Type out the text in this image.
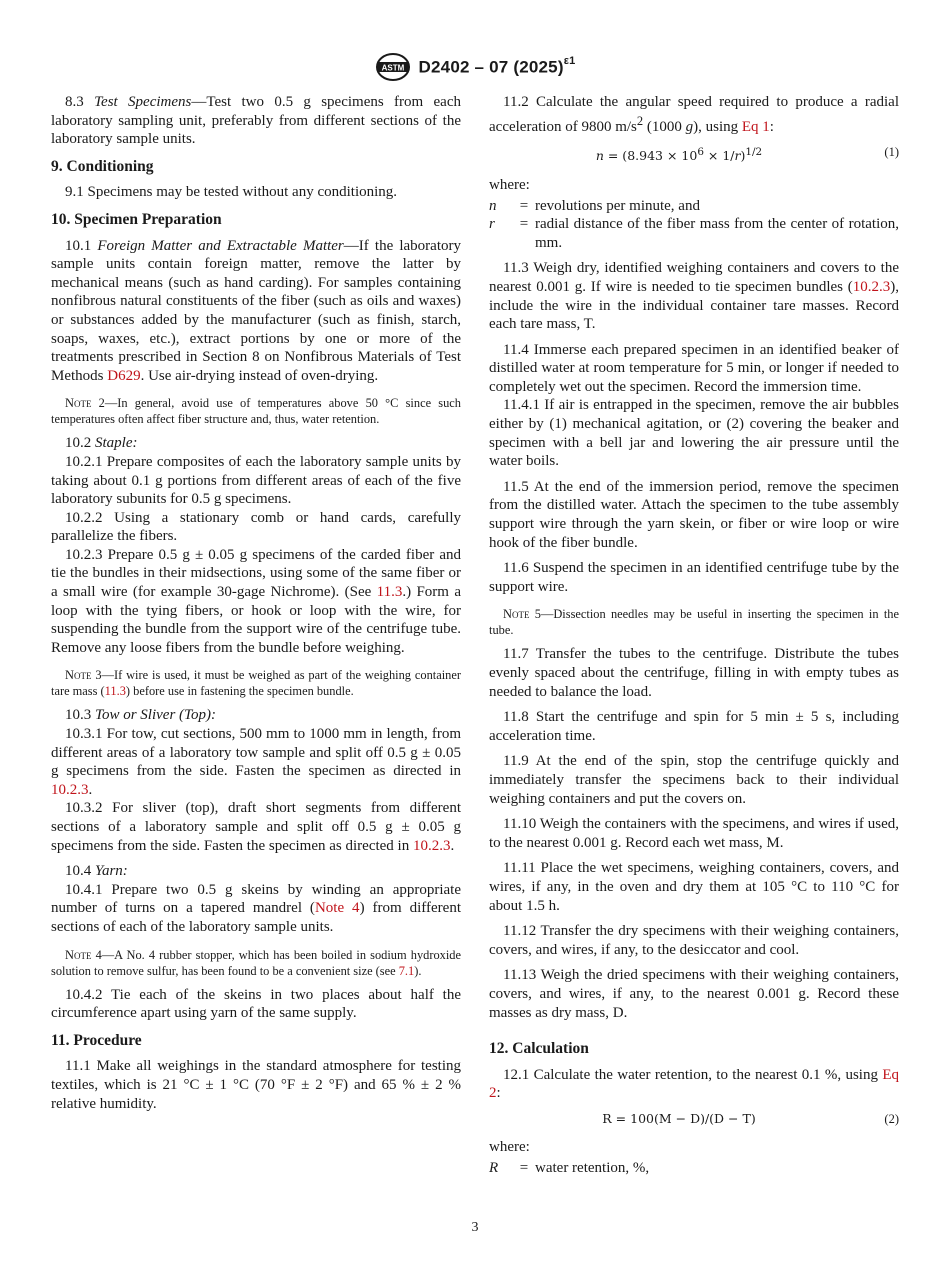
ASTM D2402 – 07 $(2025)^{\varepsilon 1}$

8.3 Test Specimens—Test two 0.5 g specimens from each laboratory sampling unit, preferably from different sections of the laboratory sample units.

9. Conditioning

9.1 Specimens may be tested without any conditioning.

10. Specimen Preparation

10.1 Foreign Matter and Extractable Matter—If the laboratory sample units contain foreign matter, remove the latter by mechanical means (such as hand carding). For samples containing nonfibrous natural constituents of the fiber (such as oils and waxes) or substances added by the manufacturer (such as finish, starch, soaps, waxes, etc.), extract portions by one or more of the treatments prescribed in Section 8 on Nonfibrous Materials of Test Methods D629. Use air-drying instead of oven-drying.

Note 2—In general, avoid use of temperatures above 50 °C since such temperatures often affect fiber structure and, thus, water retention.

10.2 Staple:

10.2.1 Prepare composites of each the laboratory sample units by taking about 0.1 g portions from different areas of each of the five laboratory subunits for 0.5 g specimens.

10.2.2 Using a stationary comb or hand cards, carefully parallelize the fibers.

10.2.3 Prepare 0.5 g ± 0.05 g specimens of the carded fiber and tie the bundles in their midsections, using some of the same fiber or a small wire (for example 30-gage Nichrome). (See 11.3.) Form a loop with the tying fibers, or hook or loop with the wire, for suspending the bundle from the support wire of the centrifuge tube. Remove any loose fibers from the bundle before weighing.

Note 3—If wire is used, it must be weighed as part of the weighing container tare mass (11.3) before use in fastening the specimen bundle.

10.3 Tow or Sliver (Top):

10.3.1 For tow, cut sections, 500 mm to 1000 mm in length, from different areas of a laboratory tow sample and split off 0.5 g ± 0.05 g specimens from the side. Fasten the specimen as directed in 10.2.3.

10.3.2 For sliver (top), draft short segments from different sections of a laboratory sample and split off 0.5 g ± 0.05 g specimens from the side. Fasten the specimen as directed in 10.2.3.

10.4 Yarn:

10.4.1 Prepare two 0.5 g skeins by winding an appropriate number of turns on a tapered mandrel (Note 4) from different sections of each of the laboratory sample units.

Note 4—A No. 4 rubber stopper, which has been boiled in sodium hydroxide solution to remove sulfur, has been found to be a convenient size (see 7.1).

10.4.2 Tie each of the skeins in two places about half the circumference apart using yarn of the same supply.

11. Procedure

11.1 Make all weighings in the standard atmosphere for testing textiles, which is 21 °C ± 1 °C (70 °F ± 2 °F) and 65 % ± 2 % relative humidity.

11.2 Calculate the angular speed required to produce a radial acceleration of 9800 $m/s^2$ (1000 g), using Eq 1:

$n = (8.943 \times 10^6 \times 1/r)^{1/2}$	(1)
where:
n	= revolutions per minute, and
r	= radial distance of the fiber mass from the center of rotation, mm.

11.3 Weigh dry, identified weighing containers and covers to the nearest 0.001 g. If wire is needed to tie specimen bundles (10.2.3), include the wire in the individual container tare masses. Record each tare mass, T.

11.4 Immerse each prepared specimen in an identified beaker of distilled water at room temperature for 5 min, or longer if needed to completely wet out the specimen. Record the immersion time.

11.4.1 If air is entrapped in the specimen, remove the air bubbles either by (1) mechanical agitation, or (2) covering the beaker and specimen with a bell jar and lowering the air pressure until the water boils.

11.5 At the end of the immersion period, remove the specimen from the distilled water. Attach the specimen to the tube assembly support wire through the yarn skein, or fiber or wire loop or wire hook of the fiber bundle.

11.6 Suspend the specimen in an identified centrifuge tube by the support wire.

Note 5—Dissection needles may be useful in inserting the specimen in the tube.

11.7 Transfer the tubes to the centrifuge. Distribute the tubes evenly spaced about the centrifuge, filling in with empty tubes as needed to balance the load.

11.8 Start the centrifuge and spin for 5 min ± 5 s, including acceleration time.

11.9 At the end of the spin, stop the centrifuge quickly and immediately transfer the specimens back to their individual weighing containers and put the covers on.

11.10 Weigh the containers with the specimens, and wires if used, to the nearest 0.001 g. Record each wet mass, M.

11.11 Place the wet specimens, weighing containers, covers, and wires, if any, in the oven and dry them at 105 °C to 110 °C for about 1.5 h.

11.12 Transfer the dry specimens with their weighing containers, covers, and wires, if any, to the desiccator and cool.

11.13 Weigh the dried specimens with their weighing containers, covers, and wires, if any, to the nearest 0.001 g. Record these masses as dry mass, D.

12. Calculation

12.1 Calculate the water retention, to the nearest 0.1 %, using Eq 2:

R = 100(M − D)/(D − T)	(2)
where:
R	= water retention, %,
3
